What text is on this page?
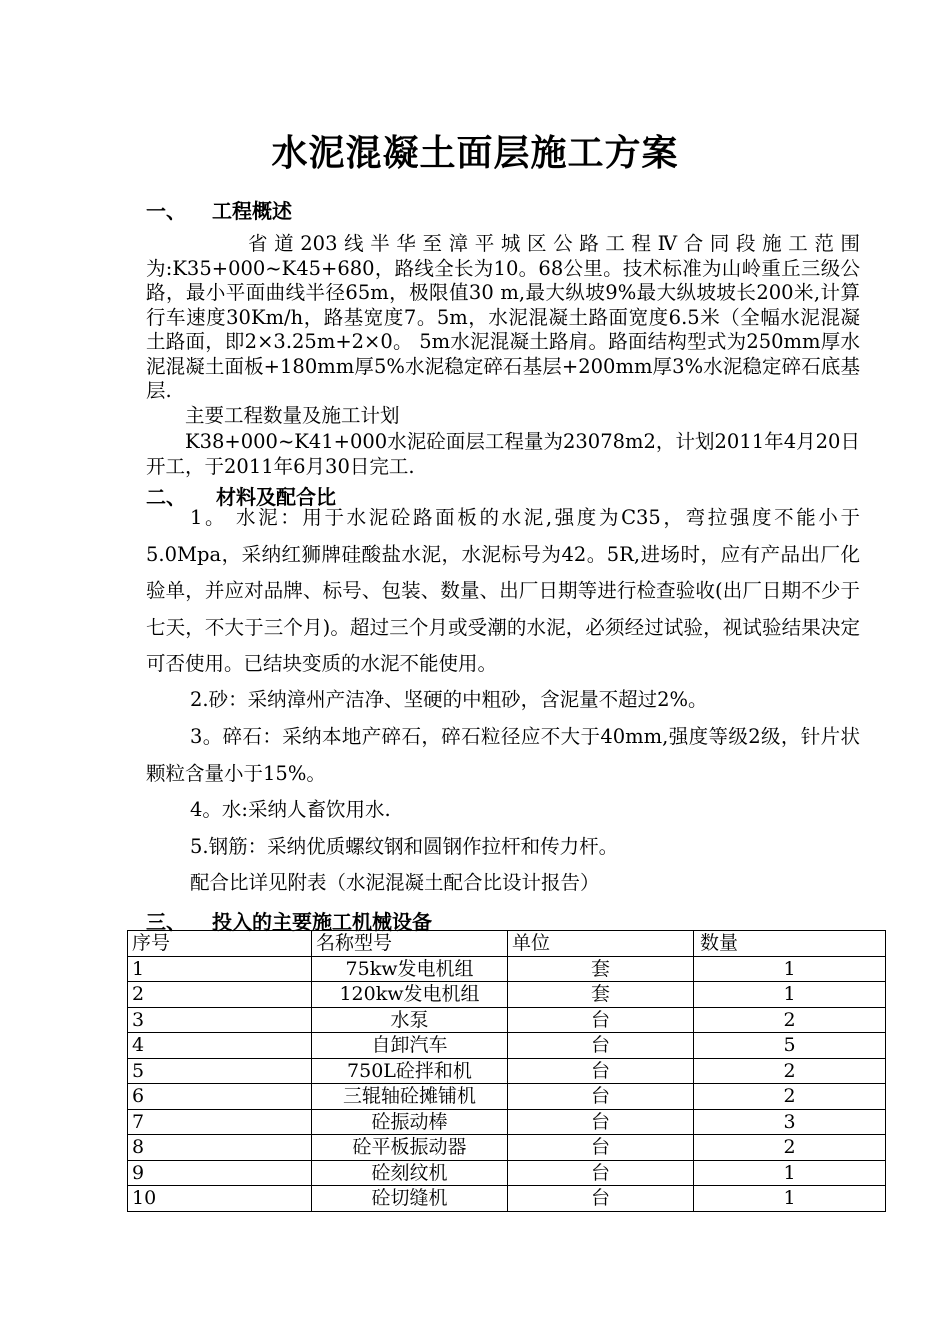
水泥混凝土面层施工方案
一、 工程概述

省道203线半华至漳平城区公路工程Ⅳ合同段施工范围为:K35+000~K45+680，路线全长为10。68公里。技术标准为山岭重丘三级公路，最小平面曲线半径65m，极限值30 m,最大纵坡9%最大纵坡坡长200米,计算行车速度30Km/h，路基宽度7。5m，水泥混凝土路面宽度6.5米（全幅水泥混凝土路面，即2×3.25m+2×0。 5m水泥混凝土路肩。路面结构型式为250mm厚水泥混凝土面板+180mm厚5%水泥稳定碎石基层+200mm厚3%水泥稳定碎石底基层.

主要工程数量及施工计划

K38+000~K41+000水泥砼面层工程量为23078m2，计划2011年4月20日开工，于2011年6月30日完工.

二、 材料及配合比

1。 水泥：用于水泥砼路面板的水泥,强度为C35，弯拉强度不能小于5.0Mpa，采纳红狮牌硅酸盐水泥，水泥标号为42。5R,进场时，应有产品出厂化验单，并应对品牌、标号、包装、数量、出厂日期等进行检查验收(出厂日期不少于七天，不大于三个月)。超过三个月或受潮的水泥，必须经过试验，视试验结果决定可否使用。已结块变质的水泥不能使用。

2.砂：采纳漳州产洁净、坚硬的中粗砂，含泥量不超过2%。

3。碎石：采纳本地产碎石，碎石粒径应不大于40mm,强度等级2级，针片状颗粒含量小于15%。

4。水:采纳人畜饮用水.

5.钢筋：采纳优质螺纹钢和圆钢作拉杆和传力杆。

配合比详见附表（水泥混凝土配合比设计报告）

三、 投入的主要施工机械设备
序号	名称型号	单位	数量
1	75kw发电机组	套	1
2	120kw发电机组	套	1
3	水泵	台	2
4	自卸汽车	台	5
5	750L砼拌和机	台	2
6	三辊轴砼摊铺机	台	2
7	砼振动棒	台	3
8	砼平板振动器	台	2
9	砼刻纹机	台	1
10	砼切缝机	台	1
